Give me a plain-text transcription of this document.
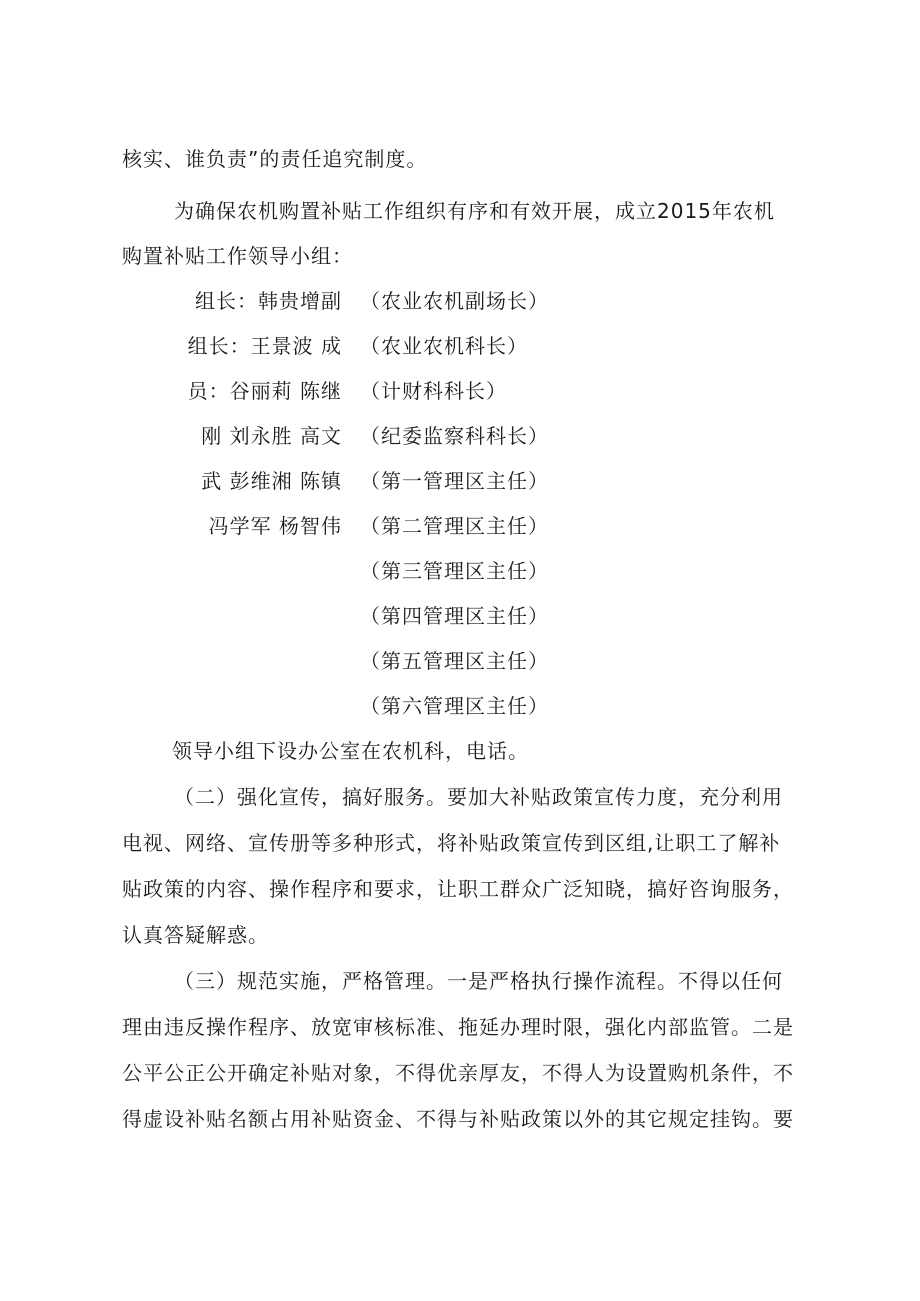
核实、谁负责”的责任追究制度。
为确保农机购置补贴工作组织有序和有效开展，成立2015年农机
购置补贴工作领导小组：
组长：韩贵增副 （农业农机副场长）
组长：王景波 成 （农业农机科长）
员：谷丽莉 陈继 （计财科科长）
刚 刘永胜 高文 （纪委监察科科长）
武 彭维湘 陈镇 （第一管理区主任）
冯学军 杨智伟 （第二管理区主任）
（第三管理区主任）
（第四管理区主任）
（第五管理区主任）
（第六管理区主任）
领导小组下设办公室在农机科，电话。
（二）强化宣传，搞好服务。要加大补贴政策宣传力度，充分利用
电视、网络、宣传册等多种形式，将补贴政策宣传到区组,让职工了解补
贴政策的内容、操作程序和要求，让职工群众广泛知晓，搞好咨询服务，
认真答疑解惑。
（三）规范实施，严格管理。一是严格执行操作流程。不得以任何
理由违反操作程序、放宽审核标准、拖延办理时限，强化内部监管。二是
公平公正公开确定补贴对象，不得优亲厚友，不得人为设置购机条件，不
得虚设补贴名额占用补贴资金、不得与补贴政策以外的其它规定挂钩。要
